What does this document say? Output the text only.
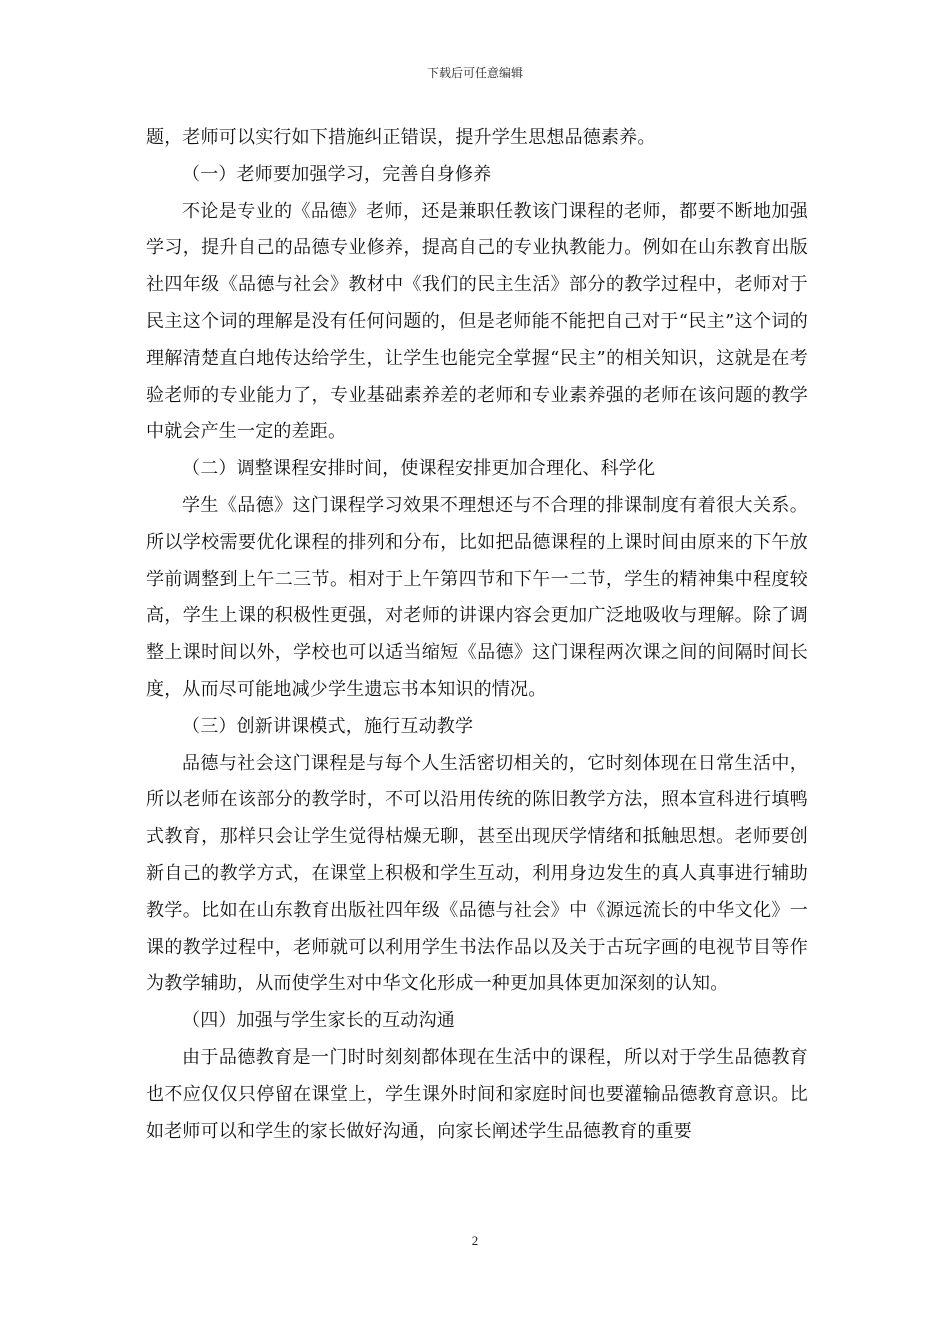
下载后可任意编辑

题，老师可以实行如下措施纠正错误，提升学生思想品德素养。

（一）老师要加强学习，完善自身修养

不论是专业的《品德》老师，还是兼职任教该门课程的老师，都要不断地加强学习，提升自己的品德专业修养，提高自己的专业执教能力。例如在山东教育出版社四年级《品德与社会》教材中《我们的民主生活》部分的教学过程中，老师对于民主这个词的理解是没有任何问题的，但是老师能不能把自己对于“民主”这个词的理解清楚直白地传达给学生，让学生也能完全掌握“民主”的相关知识，这就是在考验老师的专业能力了，专业基础素养差的老师和专业素养强的老师在该问题的教学中就会产生一定的差距。

（二）调整课程安排时间，使课程安排更加合理化、科学化

学生《品德》这门课程学习效果不理想还与不合理的排课制度有着很大关系。所以学校需要优化课程的排列和分布，比如把品德课程的上课时间由原来的下午放学前调整到上午二三节。相对于上午第四节和下午一二节，学生的精神集中程度较高，学生上课的积极性更强，对老师的讲课内容会更加广泛地吸收与理解。除了调整上课时间以外，学校也可以适当缩短《品德》这门课程两次课之间的间隔时间长度，从而尽可能地减少学生遗忘书本知识的情况。

（三）创新讲课模式，施行互动教学

品德与社会这门课程是与每个人生活密切相关的，它时刻体现在日常生活中，所以老师在该部分的教学时，不可以沿用传统的陈旧教学方法，照本宣科进行填鸭式教育，那样只会让学生觉得枯燥无聊，甚至出现厌学情绪和抵触思想。老师要创新自己的教学方式，在课堂上积极和学生互动，利用身边发生的真人真事进行辅助教学。比如在山东教育出版社四年级《品德与社会》中《源远流长的中华文化》一课的教学过程中，老师就可以利用学生书法作品以及关于古玩字画的电视节目等作为教学辅助，从而使学生对中华文化形成一种更加具体更加深刻的认知。

（四）加强与学生家长的互动沟通

由于品德教育是一门时时刻刻都体现在生活中的课程，所以对于学生品德教育也不应仅仅只停留在课堂上，学生课外时间和家庭时间也要灌输品德教育意识。比如老师可以和学生的家长做好沟通，向家长阐述学生品德教育的重要

2
